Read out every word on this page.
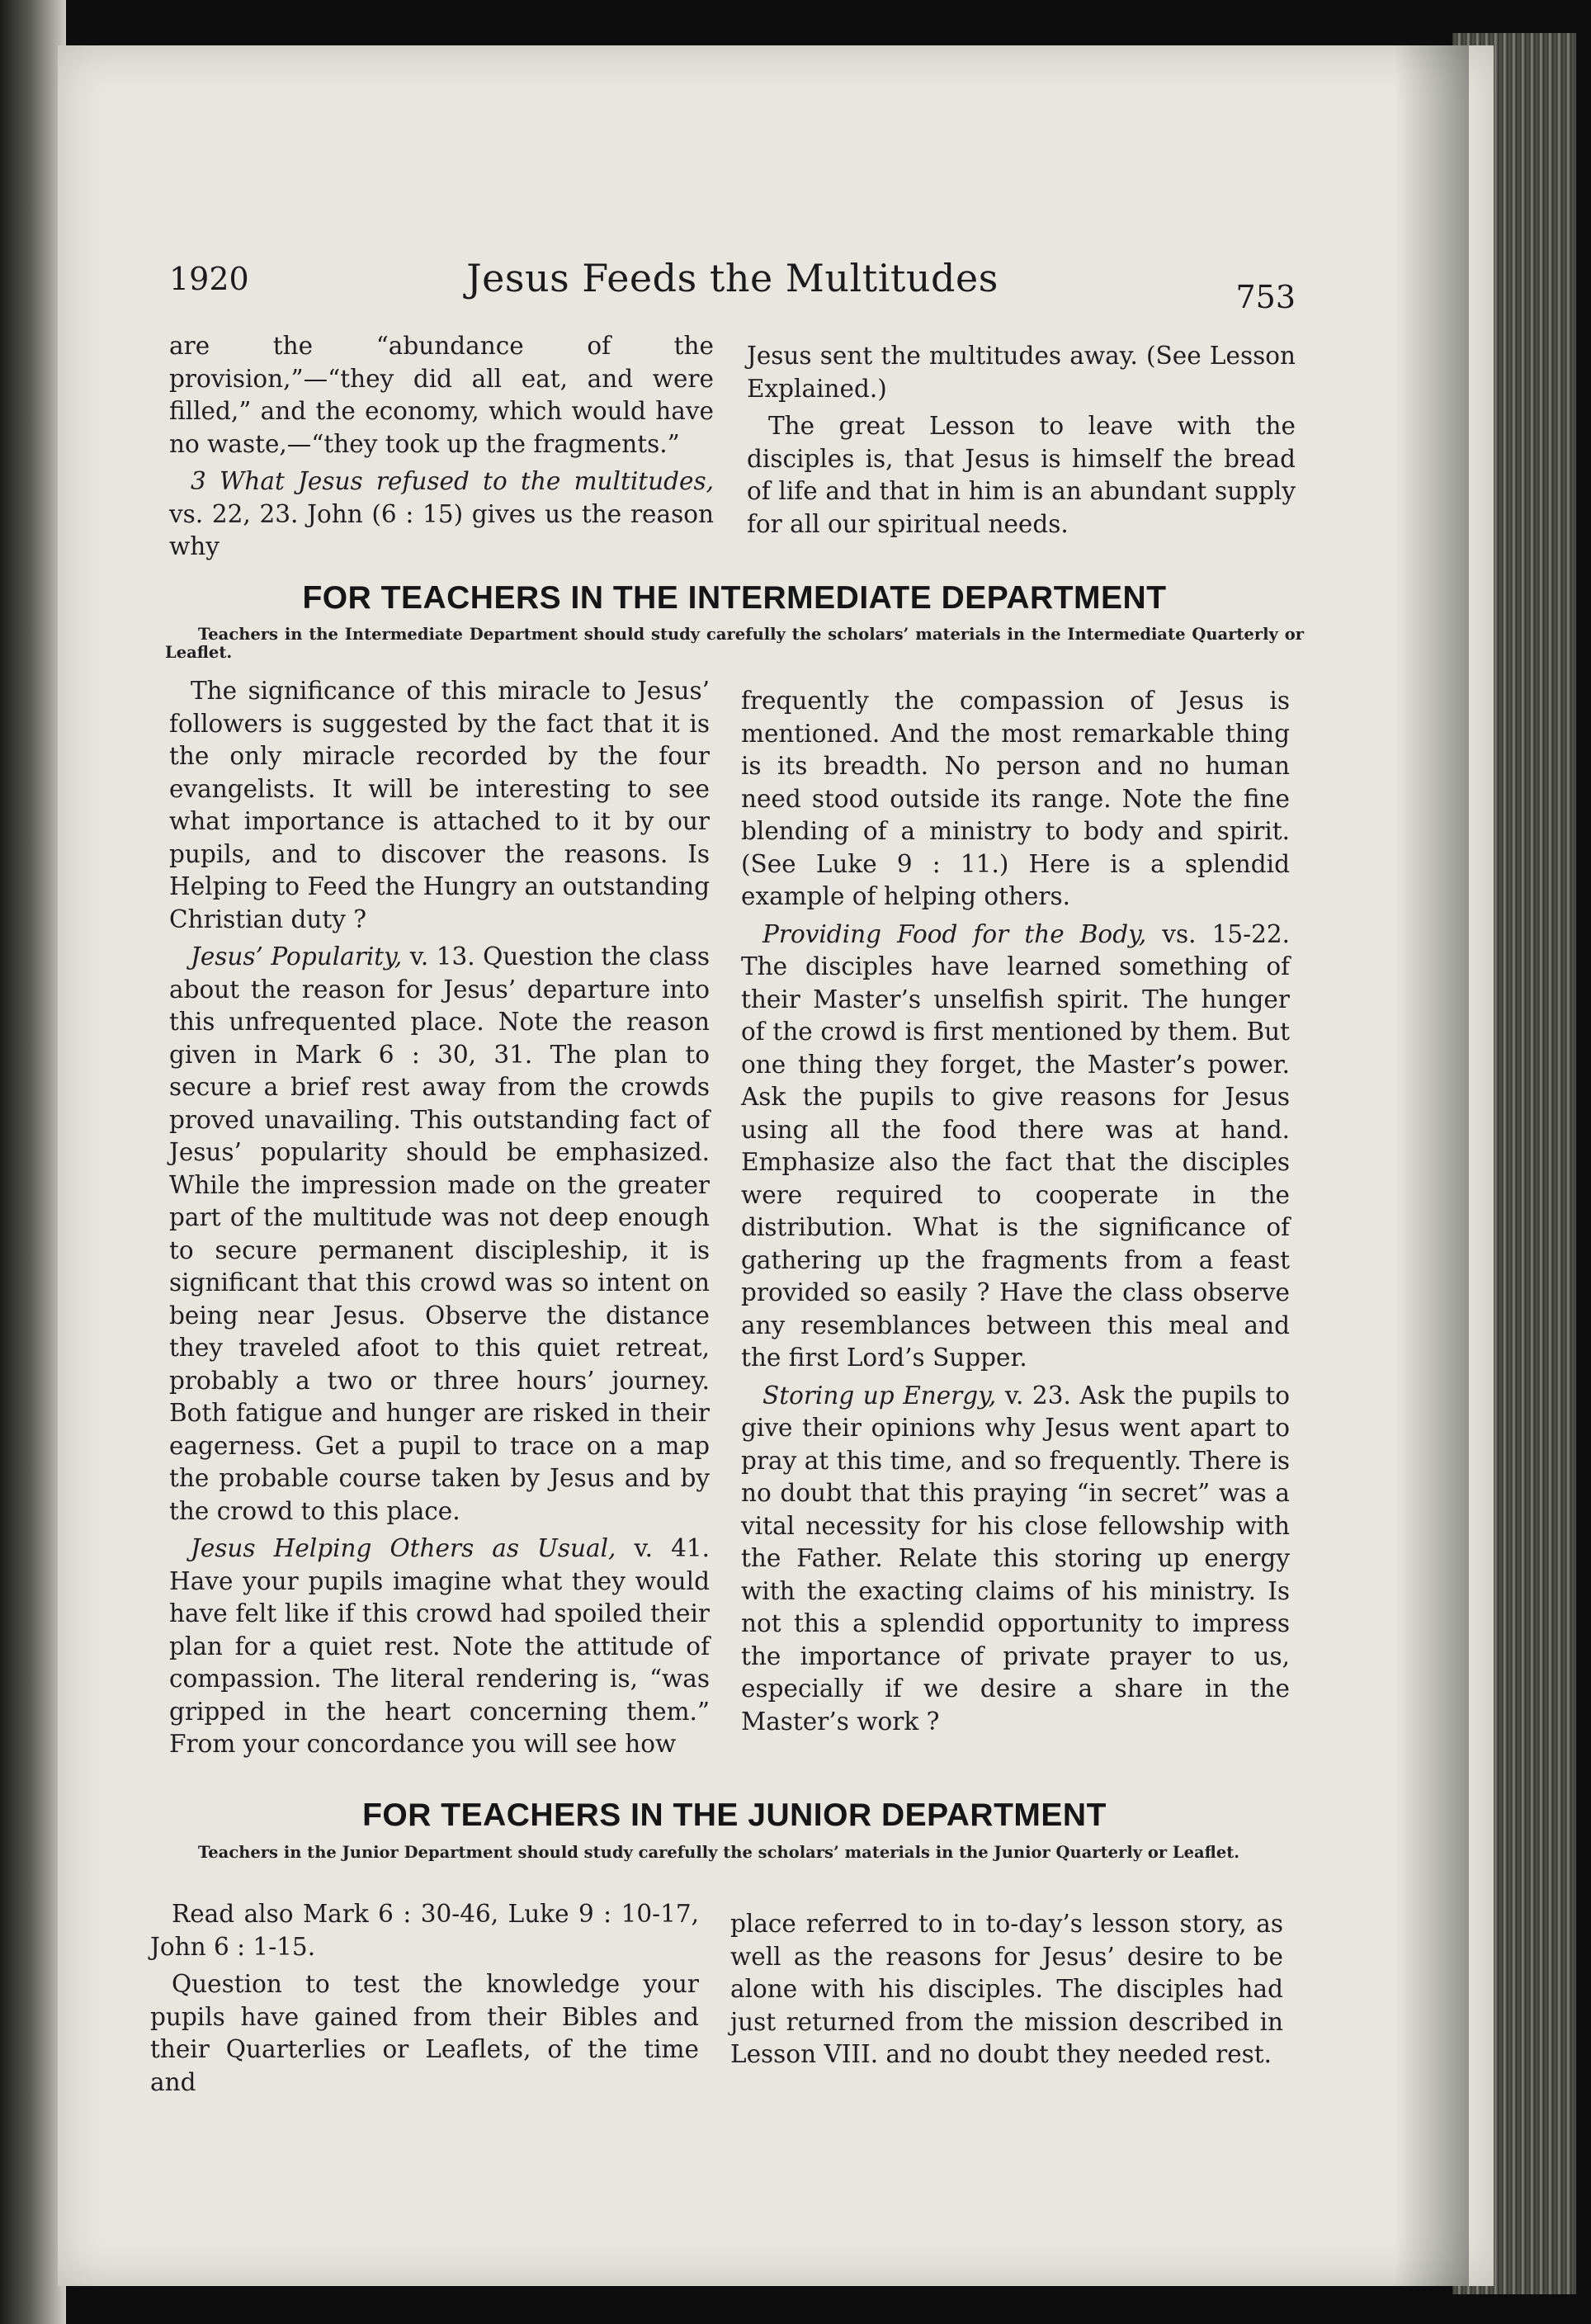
1920	Jesus Feeds the Multitudes	753

are the “abundance of the provision,”—“they did all eat, and were filled,” and the economy, which would have no waste,—“they took up the fragments.”

3 What Jesus refused to the multitudes, vs. 22, 23. John (6 : 15) gives us the reason why

Jesus sent the multitudes away. (See Lesson Explained.)

The great Lesson to leave with the disciples is, that Jesus is himself the bread of life and that in him is an abundant supply for all our spiritual needs.

FOR TEACHERS IN THE INTERMEDIATE DEPARTMENT
Teachers in the Intermediate Department should study carefully the scholars’ materials in the Intermediate Quarterly or Leaflet.

The significance of this miracle to Jesus’ followers is suggested by the fact that it is the only miracle recorded by the four evangelists. It will be interesting to see what importance is attached to it by our pupils, and to discover the reasons. Is Helping to Feed the Hungry an outstanding Christian duty ?

Jesus’ Popularity, v. 13. Question the class about the reason for Jesus’ departure into this unfrequented place. Note the reason given in Mark 6 : 30, 31. The plan to secure a brief rest away from the crowds proved unavailing. This outstanding fact of Jesus’ popularity should be emphasized. While the impression made on the greater part of the multitude was not deep enough to secure permanent discipleship, it is significant that this crowd was so intent on being near Jesus. Observe the distance they traveled afoot to this quiet retreat, probably a two or three hours’ journey. Both fatigue and hunger are risked in their eagerness. Get a pupil to trace on a map the probable course taken by Jesus and by the crowd to this place.

Jesus Helping Others as Usual, v. 41. Have your pupils imagine what they would have felt like if this crowd had spoiled their plan for a quiet rest. Note the attitude of compassion. The literal rendering is, “was gripped in the heart concerning them.” From your concordance you will see how

frequently the compassion of Jesus is mentioned. And the most remarkable thing is its breadth. No person and no human need stood outside its range. Note the fine blending of a ministry to body and spirit. (See Luke 9 : 11.) Here is a splendid example of helping others.

Providing Food for the Body, vs. 15-22. The disciples have learned something of their Master’s unselfish spirit. The hunger of the crowd is first mentioned by them. But one thing they forget, the Master’s power. Ask the pupils to give reasons for Jesus using all the food there was at hand. Emphasize also the fact that the disciples were required to cooperate in the distribution. What is the significance of gathering up the fragments from a feast provided so easily ? Have the class observe any resemblances between this meal and the first Lord’s Supper.

Storing up Energy, v. 23. Ask the pupils to give their opinions why Jesus went apart to pray at this time, and so frequently. There is no doubt that this praying “in secret” was a vital necessity for his close fellowship with the Father. Relate this storing up energy with the exacting claims of his ministry. Is not this a splendid opportunity to impress the importance of private prayer to us, especially if we desire a share in the Master’s work ?

FOR TEACHERS IN THE JUNIOR DEPARTMENT
Teachers in the Junior Department should study carefully the scholars’ materials in the Junior Quarterly or Leaflet.

Read also Mark 6 : 30-46, Luke 9 : 10-17, John 6 : 1-15.

Question to test the knowledge your pupils have gained from their Bibles and their Quarterlies or Leaflets, of the time and

place referred to in to-day’s lesson story, as well as the reasons for Jesus’ desire to be alone with his disciples. The disciples had just returned from the mission described in Lesson VIII. and no doubt they needed rest.
